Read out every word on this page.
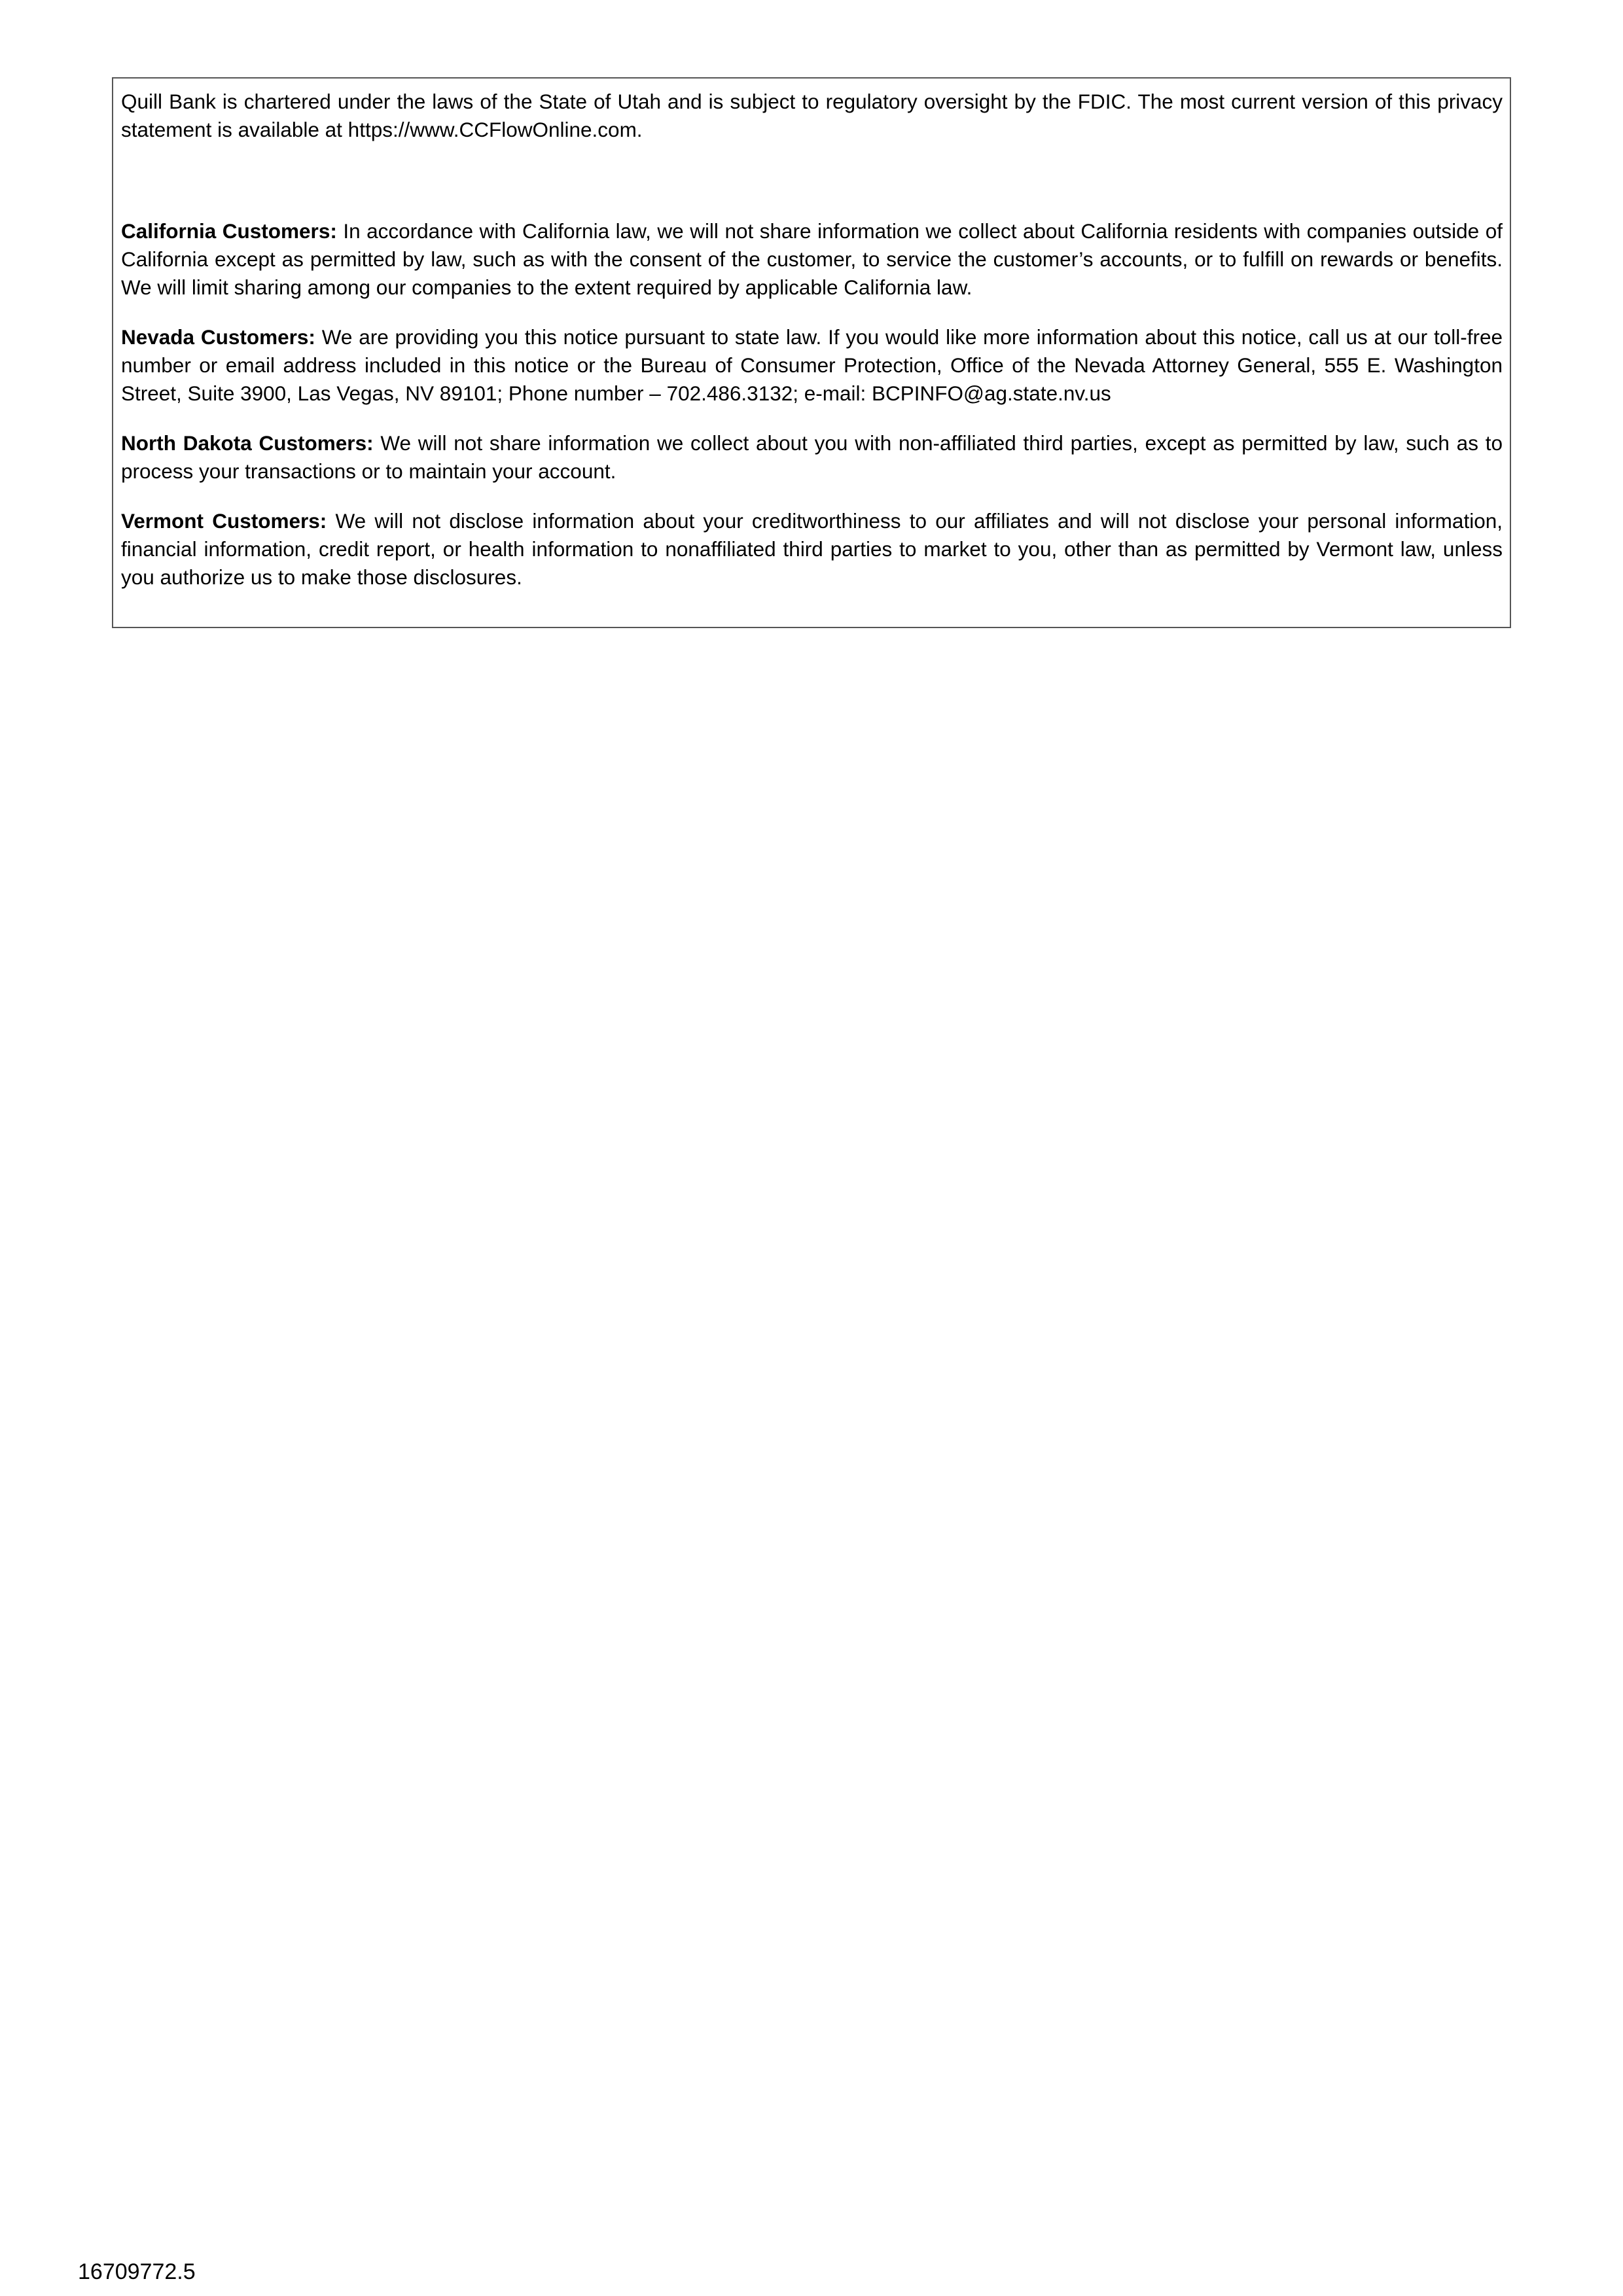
Quill Bank is chartered under the laws of the State of Utah and is subject to regulatory oversight by the FDIC. The most current version of this privacy statement is available at https://www.CCFlowOnline.com.

California Customers: In accordance with California law, we will not share information we collect about California residents with companies outside of California except as permitted by law, such as with the consent of the customer, to service the customer’s accounts, or to fulfill on rewards or benefits. We will limit sharing among our companies to the extent required by applicable California law.

Nevada Customers: We are providing you this notice pursuant to state law. If you would like more information about this notice, call us at our toll-free number or email address included in this notice or the Bureau of Consumer Protection, Office of the Nevada Attorney General, 555 E. Washington Street, Suite 3900, Las Vegas, NV 89101; Phone number – 702.486.3132; e-mail: BCPINFO@ag.state.nv.us

North Dakota Customers: We will not share information we collect about you with non-affiliated third parties, except as permitted by law, such as to process your transactions or to maintain your account.

Vermont Customers: We will not disclose information about your creditworthiness to our affiliates and will not disclose your personal information, financial information, credit report, or health information to nonaffiliated third parties to market to you, other than as permitted by Vermont law, unless you authorize us to make those disclosures.

16709772.5
